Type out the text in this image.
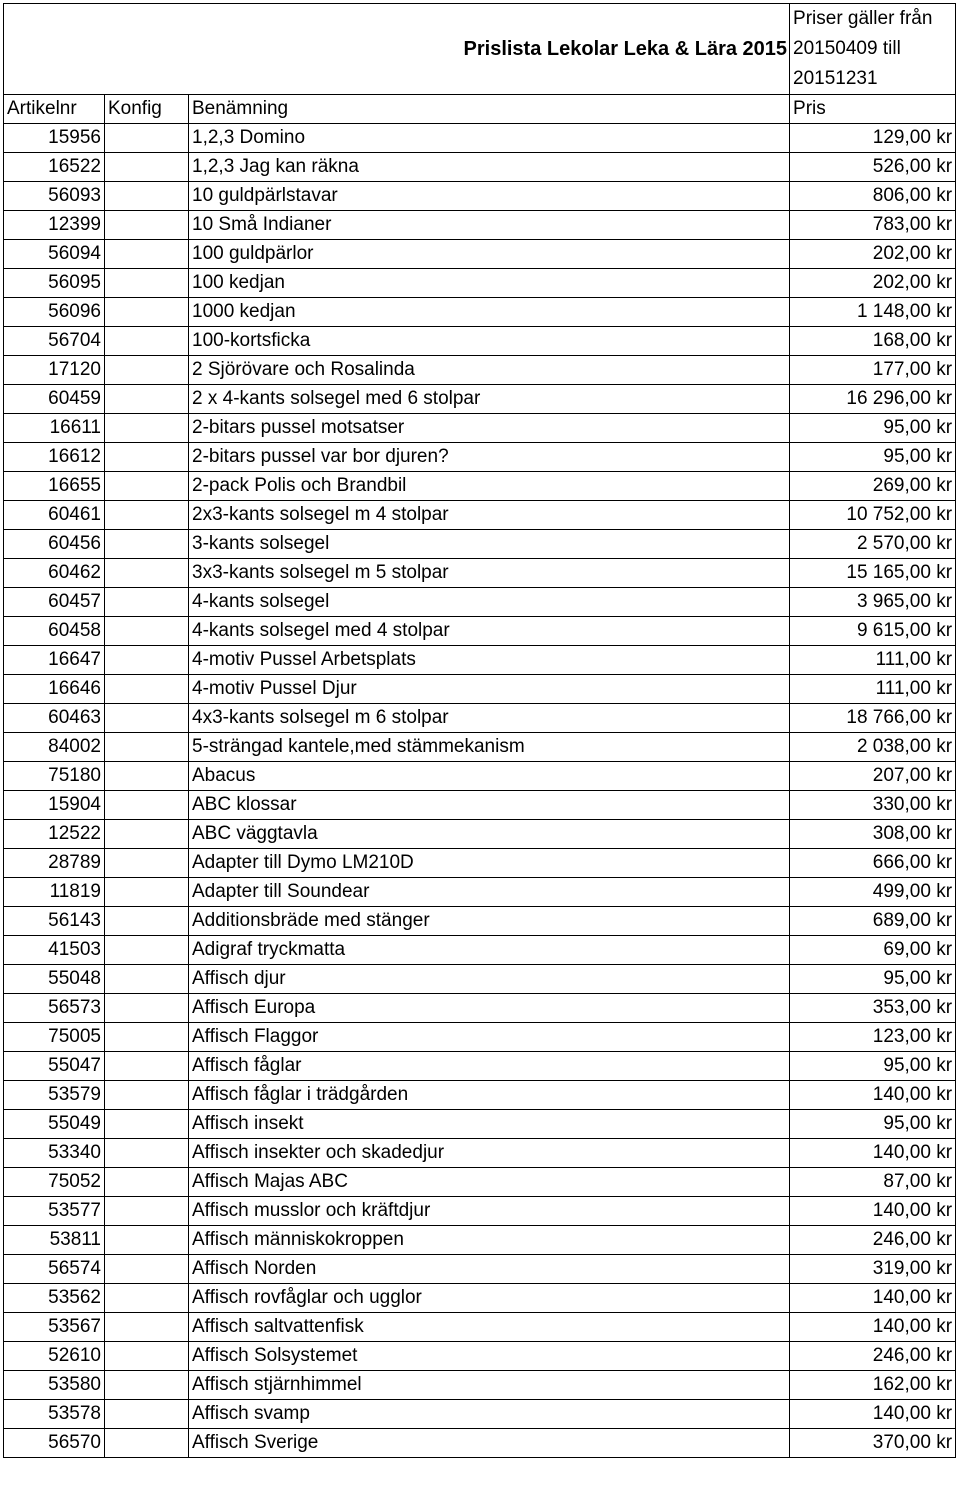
Prislista Lekolar Leka & Lära 2015			Priser gäller från
20150409 till
20151231

Artikelnr	Konfig	Benämning	Pris
15956		1,2,3 Domino	129,00 kr
16522		1,2,3 Jag kan räkna	526,00 kr
56093		10 guldpärlstavar	806,00 kr
12399		10 Små Indianer	783,00 kr
56094		100 guldpärlor	202,00 kr
56095		100 kedjan	202,00 kr
56096		1000 kedjan	1 148,00 kr
56704		100-kortsficka	168,00 kr
17120		2 Sjörövare och Rosalinda	177,00 kr
60459		2 x 4-kants solsegel med 6 stolpar	16 296,00 kr
16611		2-bitars pussel motsatser	95,00 kr
16612		2-bitars pussel var bor djuren?	95,00 kr
16655		2-pack Polis och Brandbil	269,00 kr
60461		2x3-kants solsegel m 4 stolpar	10 752,00 kr
60456		3-kants solsegel	2 570,00 kr
60462		3x3-kants solsegel m 5 stolpar	15 165,00 kr
60457		4-kants solsegel	3 965,00 kr
60458		4-kants solsegel med 4 stolpar	9 615,00 kr
16647		4-motiv Pussel Arbetsplats	111,00 kr
16646		4-motiv Pussel Djur	111,00 kr
60463		4x3-kants solsegel m 6 stolpar	18 766,00 kr
84002		5-strängad kantele,med stämmekanism	2 038,00 kr
75180		Abacus	207,00 kr
15904		ABC klossar	330,00 kr
12522		ABC väggtavla	308,00 kr
28789		Adapter till Dymo LM210D	666,00 kr
11819		Adapter till Soundear	499,00 kr
56143		Additionsbräde med stänger	689,00 kr
41503		Adigraf tryckmatta	69,00 kr
55048		Affisch djur	95,00 kr
56573		Affisch Europa	353,00 kr
75005		Affisch Flaggor	123,00 kr
55047		Affisch fåglar	95,00 kr
53579		Affisch fåglar i trädgården	140,00 kr
55049		Affisch insekt	95,00 kr
53340		Affisch insekter och skadedjur	140,00 kr
75052		Affisch Majas ABC	87,00 kr
53577		Affisch musslor och kräftdjur	140,00 kr
53811		Affisch människokroppen	246,00 kr
56574		Affisch Norden	319,00 kr
53562		Affisch rovfåglar och ugglor	140,00 kr
53567		Affisch saltvattenfisk	140,00 kr
52610		Affisch Solsystemet	246,00 kr
53580		Affisch stjärnhimmel	162,00 kr
53578		Affisch svamp	140,00 kr
56570		Affisch Sverige	370,00 kr
